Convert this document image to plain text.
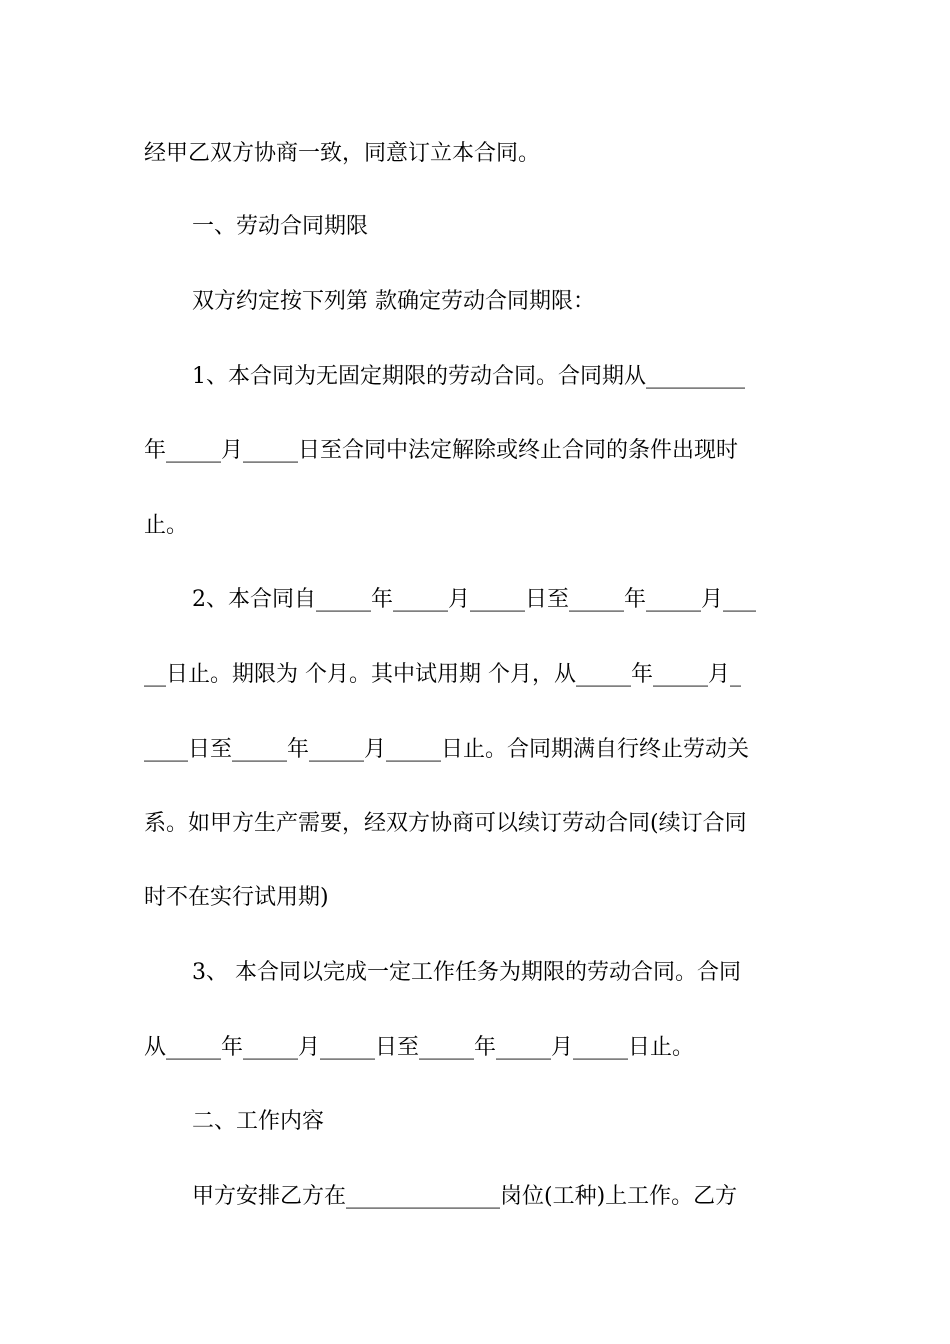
经甲乙双方协商一致，同意订立本合同。
一、劳动合同期限
双方约定按下列第 款确定劳动合同期限：
1、本合同为无固定期限的劳动合同。合同期从_________
年_____月_____日至合同中法定解除或终止合同的条件出现时
止。
2、本合同自_____年_____月_____日至_____年_____月___
__日止。期限为 个月。其中试用期 个月，从_____年_____月_
____日至_____年_____月_____日止。合同期满自行终止劳动关
系。如甲方生产需要，经双方协商可以续订劳动合同(续订合同
时不在实行试用期)
3、 本合同以完成一定工作任务为期限的劳动合同。合同
从_____年_____月_____日至_____年_____月_____日止。
二、工作内容
甲方安排乙方在______________岗位(工种)上工作。乙方
